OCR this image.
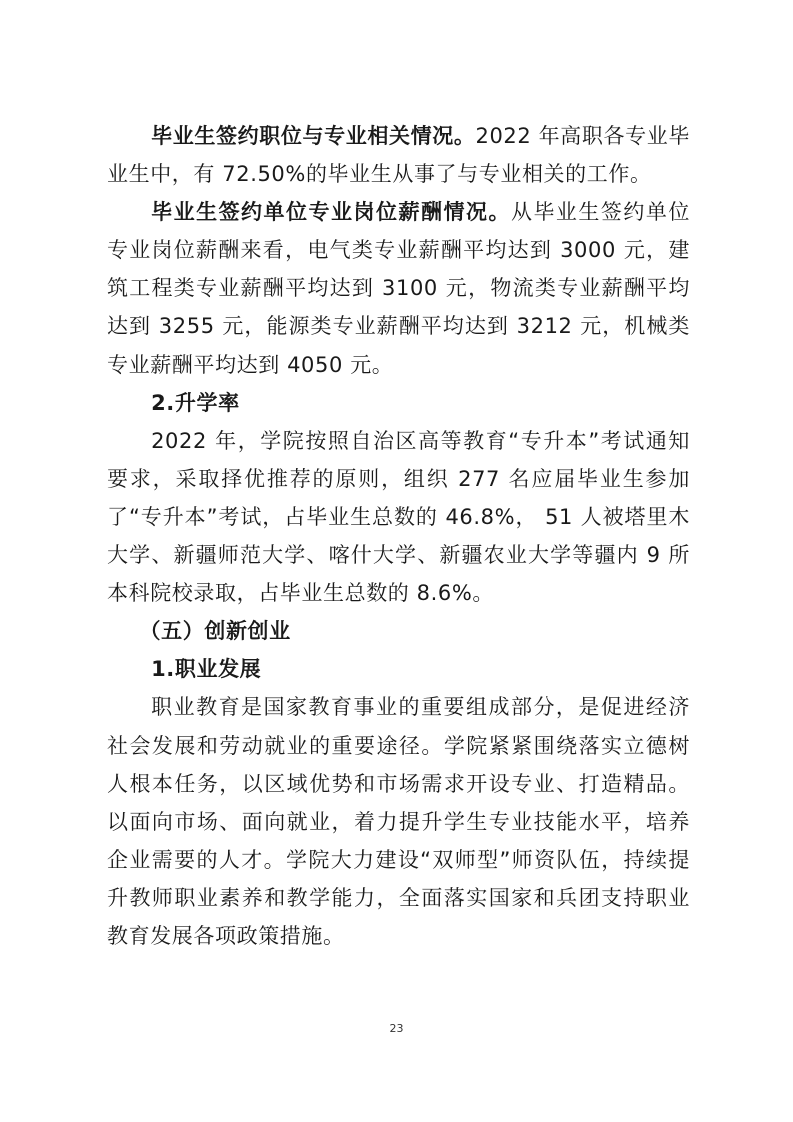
毕业生签约职位与专业相关情况。2022 年高职各专业毕业生中，有 72.50%的毕业生从事了与专业相关的工作。

毕业生签约单位专业岗位薪酬情况。从毕业生签约单位专业岗位薪酬来看，电气类专业薪酬平均达到 3000 元，建筑工程类专业薪酬平均达到 3100 元，物流类专业薪酬平均达到 3255 元，能源类专业薪酬平均达到 3212 元，机械类专业薪酬平均达到 4050 元。

2.升学率

2022 年，学院按照自治区高等教育“专升本”考试通知要求，采取择优推荐的原则，组织 277 名应届毕业生参加了“专升本”考试，占毕业生总数的 46.8%， 51 人被塔里木大学、新疆师范大学、喀什大学、新疆农业大学等疆内 9 所本科院校录取，占毕业生总数的 8.6%。

（五）创新创业

1.职业发展

职业教育是国家教育事业的重要组成部分，是促进经济社会发展和劳动就业的重要途径。学院紧紧围绕落实立德树人根本任务，以区域优势和市场需求开设专业、打造精品。以面向市场、面向就业，着力提升学生专业技能水平，培养企业需要的人才。学院大力建设“双师型”师资队伍，持续提升教师职业素养和教学能力，全面落实国家和兵团支持职业教育发展各项政策措施。

23
